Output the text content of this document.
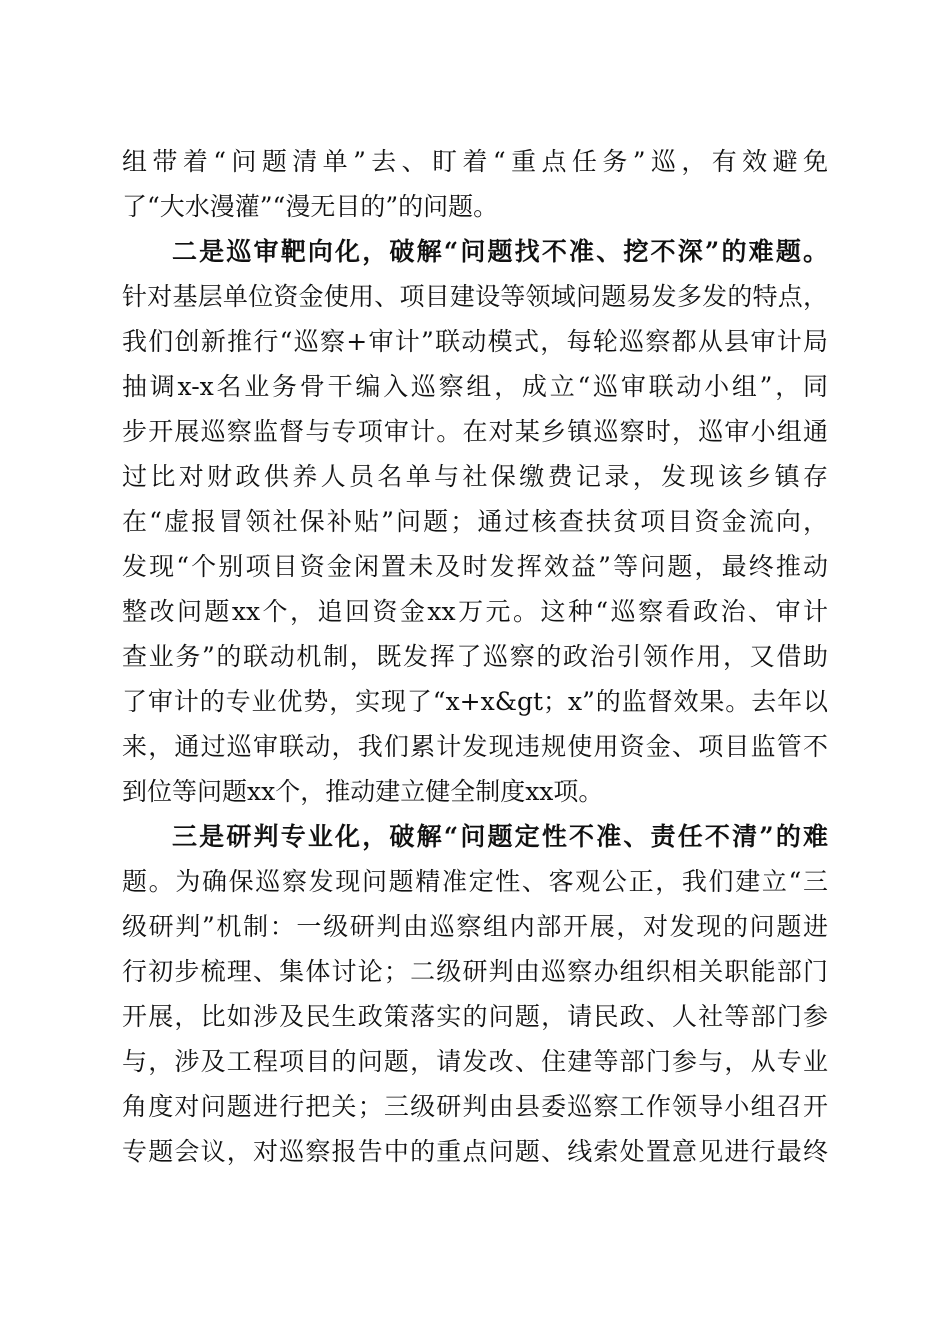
组带着“问题清单”去、盯着“重点任务”巡，有效避免
了“大水漫灌”“漫无目的”的问题。
二是巡审靶向化，破解“问题找不准、挖不深”的难题。
针对基层单位资金使用、项目建设等领域问题易发多发的特点，
我们创新推行“巡察+审计”联动模式，每轮巡察都从县审计局
抽调x-x名业务骨干编入巡察组，成立“巡审联动小组”，同
步开展巡察监督与专项审计。在对某乡镇巡察时，巡审小组通
过比对财政供养人员名单与社保缴费记录，发现该乡镇存
在“虚报冒领社保补贴”问题；通过核查扶贫项目资金流向，
发现“个别项目资金闲置未及时发挥效益”等问题，最终推动
整改问题xx个，追回资金xx万元。这种“巡察看政治、审计
查业务”的联动机制，既发挥了巡察的政治引领作用，又借助
了审计的专业优势，实现了“x+x&gt；x”的监督效果。去年以
来，通过巡审联动，我们累计发现违规使用资金、项目监管不
到位等问题xx个，推动建立健全制度xx项。
三是研判专业化，破解“问题定性不准、责任不清”的难
题。为确保巡察发现问题精准定性、客观公正，我们建立“三
级研判”机制：一级研判由巡察组内部开展，对发现的问题进
行初步梳理、集体讨论；二级研判由巡察办组织相关职能部门
开展，比如涉及民生政策落实的问题，请民政、人社等部门参
与，涉及工程项目的问题，请发改、住建等部门参与，从专业
角度对问题进行把关；三级研判由县委巡察工作领导小组召开
专题会议，对巡察报告中的重点问题、线索处置意见进行最终
